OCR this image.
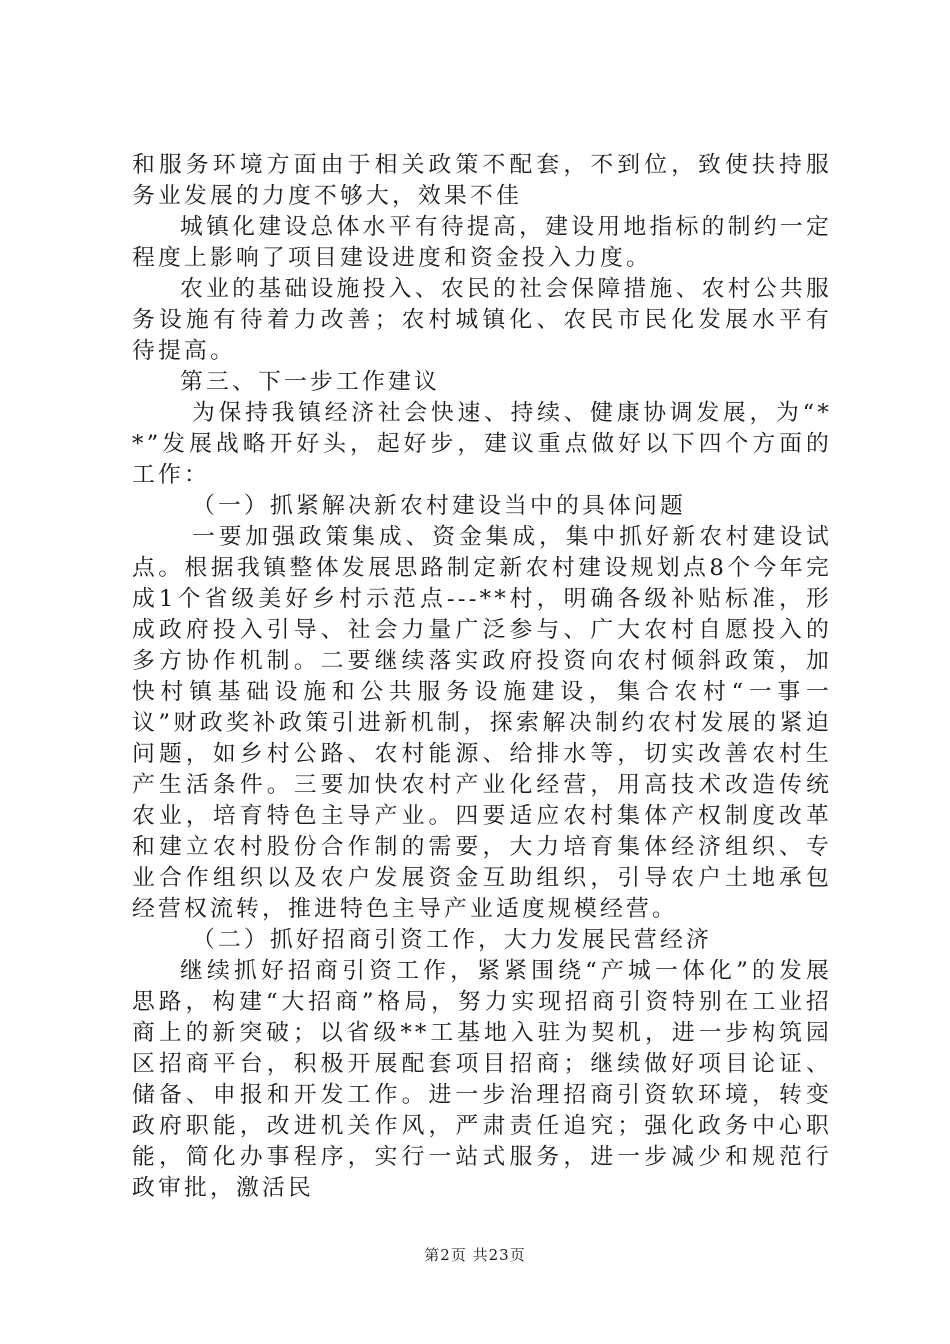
和服务环境方面由于相关政策不配套，不到位，致使扶持服务业发展的力度不够大，效果不佳

城镇化建设总体水平有待提高，建设用地指标的制约一定程度上影响了项目建设进度和资金投入力度。

农业的基础设施投入、农民的社会保障措施、农村公共服务设施有待着力改善；农村城镇化、农民市民化发展水平有待提高。

第三、下一步工作建议

为保持我镇经济社会快速、持续、健康协调发展，为“**”发展战略开好头，起好步，建议重点做好以下四个方面的工作：

（一）抓紧解决新农村建设当中的具体问题

一要加强政策集成、资金集成，集中抓好新农村建设试点。根据我镇整体发展思路制定新农村建设规划点8个今年完成1个省级美好乡村示范点---**村，明确各级补贴标准，形成政府投入引导、社会力量广泛参与、广大农村自愿投入的多方协作机制。二要继续落实政府投资向农村倾斜政策，加快村镇基础设施和公共服务设施建设，集合农村“一事一议”财政奖补政策引进新机制，探索解决制约农村发展的紧迫问题，如乡村公路、农村能源、给排水等，切实改善农村生产生活条件。三要加快农村产业化经营，用高技术改造传统农业，培育特色主导产业。四要适应农村集体产权制度改革和建立农村股份合作制的需要，大力培育集体经济组织、专业合作组织以及农户发展资金互助组织，引导农户土地承包经营权流转，推进特色主导产业适度规模经营。

（二）抓好招商引资工作，大力发展民营经济

继续抓好招商引资工作，紧紧围绕“产城一体化”的发展思路，构建“大招商”格局，努力实现招商引资特别在工业招商上的新突破；以省级**工基地入驻为契机，进一步构筑园区招商平台，积极开展配套项目招商；继续做好项目论证、储备、申报和开发工作。进一步治理招商引资软环境，转变政府职能，改进机关作风，严肃责任追究；强化政务中心职能，简化办事程序，实行一站式服务，进一步减少和规范行政审批，激活民

第2页 共23页
